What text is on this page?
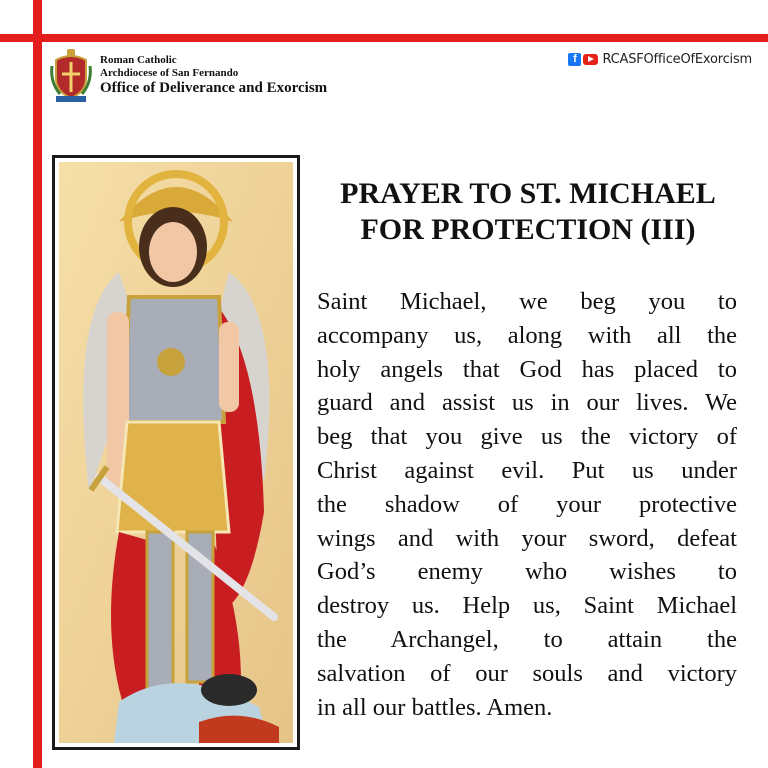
Roman Catholic
Archdiocese of San Fernando
Office of Deliverance and Exorcism
f	RCASFOfficeOfExorcism
PRAYER TO ST. MICHAEL
FOR PROTECTION (III)
Saint Michael, we beg you to
accompany us, along with all the
holy angels that God has placed to
guard and assist us in our lives. We
beg that you give us the victory of
Christ against evil. Put us under
the shadow of your protective
wings and with your sword, defeat
God’s enemy who wishes to
destroy us. Help us, Saint Michael
the Archangel, to attain the
salvation of our souls and victory
in all our battles. Amen.
